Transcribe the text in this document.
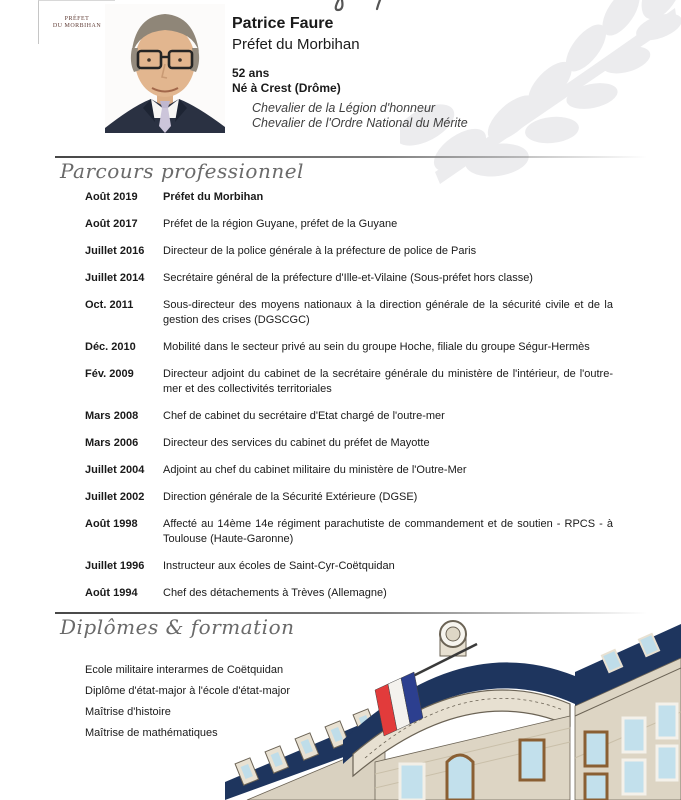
PRÉFET
DU MORBIHAN	Patrice Faure
Préfet du Morbihan
52 ans
Né à Crest (Drôme)
Chevalier de la Légion d'honneur
Chevalier de l'Ordre National du Mérite
Parcours professionnel
Août 2019	Préfet du Morbihan
Août 2017	Préfet de la région Guyane, préfet de la Guyane
Juillet 2016	Directeur de la police générale à la préfecture de police de Paris
Juillet 2014	Secrétaire général de la préfecture d'Ille-et-Vilaine (Sous-préfet hors classe)
Oct. 2011	Sous-directeur des moyens nationaux à la direction générale de la sécurité civile et de la gestion des crises (DGSCGC)
Déc. 2010	Mobilité dans le secteur privé au sein du groupe Hoche, filiale du groupe Ségur-Hermès
Fév. 2009	Directeur adjoint du cabinet de la secrétaire générale du ministère de l'intérieur, de l'outre-mer et des collectivités territoriales
Mars 2008	Chef de cabinet du secrétaire d'Etat chargé de l'outre-mer
Mars 2006	Directeur des services du cabinet du préfet de Mayotte
Juillet 2004	Adjoint au chef du cabinet militaire du ministère de l'Outre-Mer
Juillet 2002	Direction générale de la Sécurité Extérieure (DGSE)
Août 1998	Affecté au 14ème 14e régiment parachutiste de commandement et de soutien - RPCS - à Toulouse (Haute-Garonne)
Juillet 1996	Instructeur aux écoles de Saint-Cyr-Coëtquidan
Août 1994	Chef des détachements à Trèves (Allemagne)
Diplômes & formation
Ecole militaire interarmes de Coëtquidan
Diplôme d'état-major à l'école d'état-major
Maîtrise d'histoire
Maîtrise de mathématiques
